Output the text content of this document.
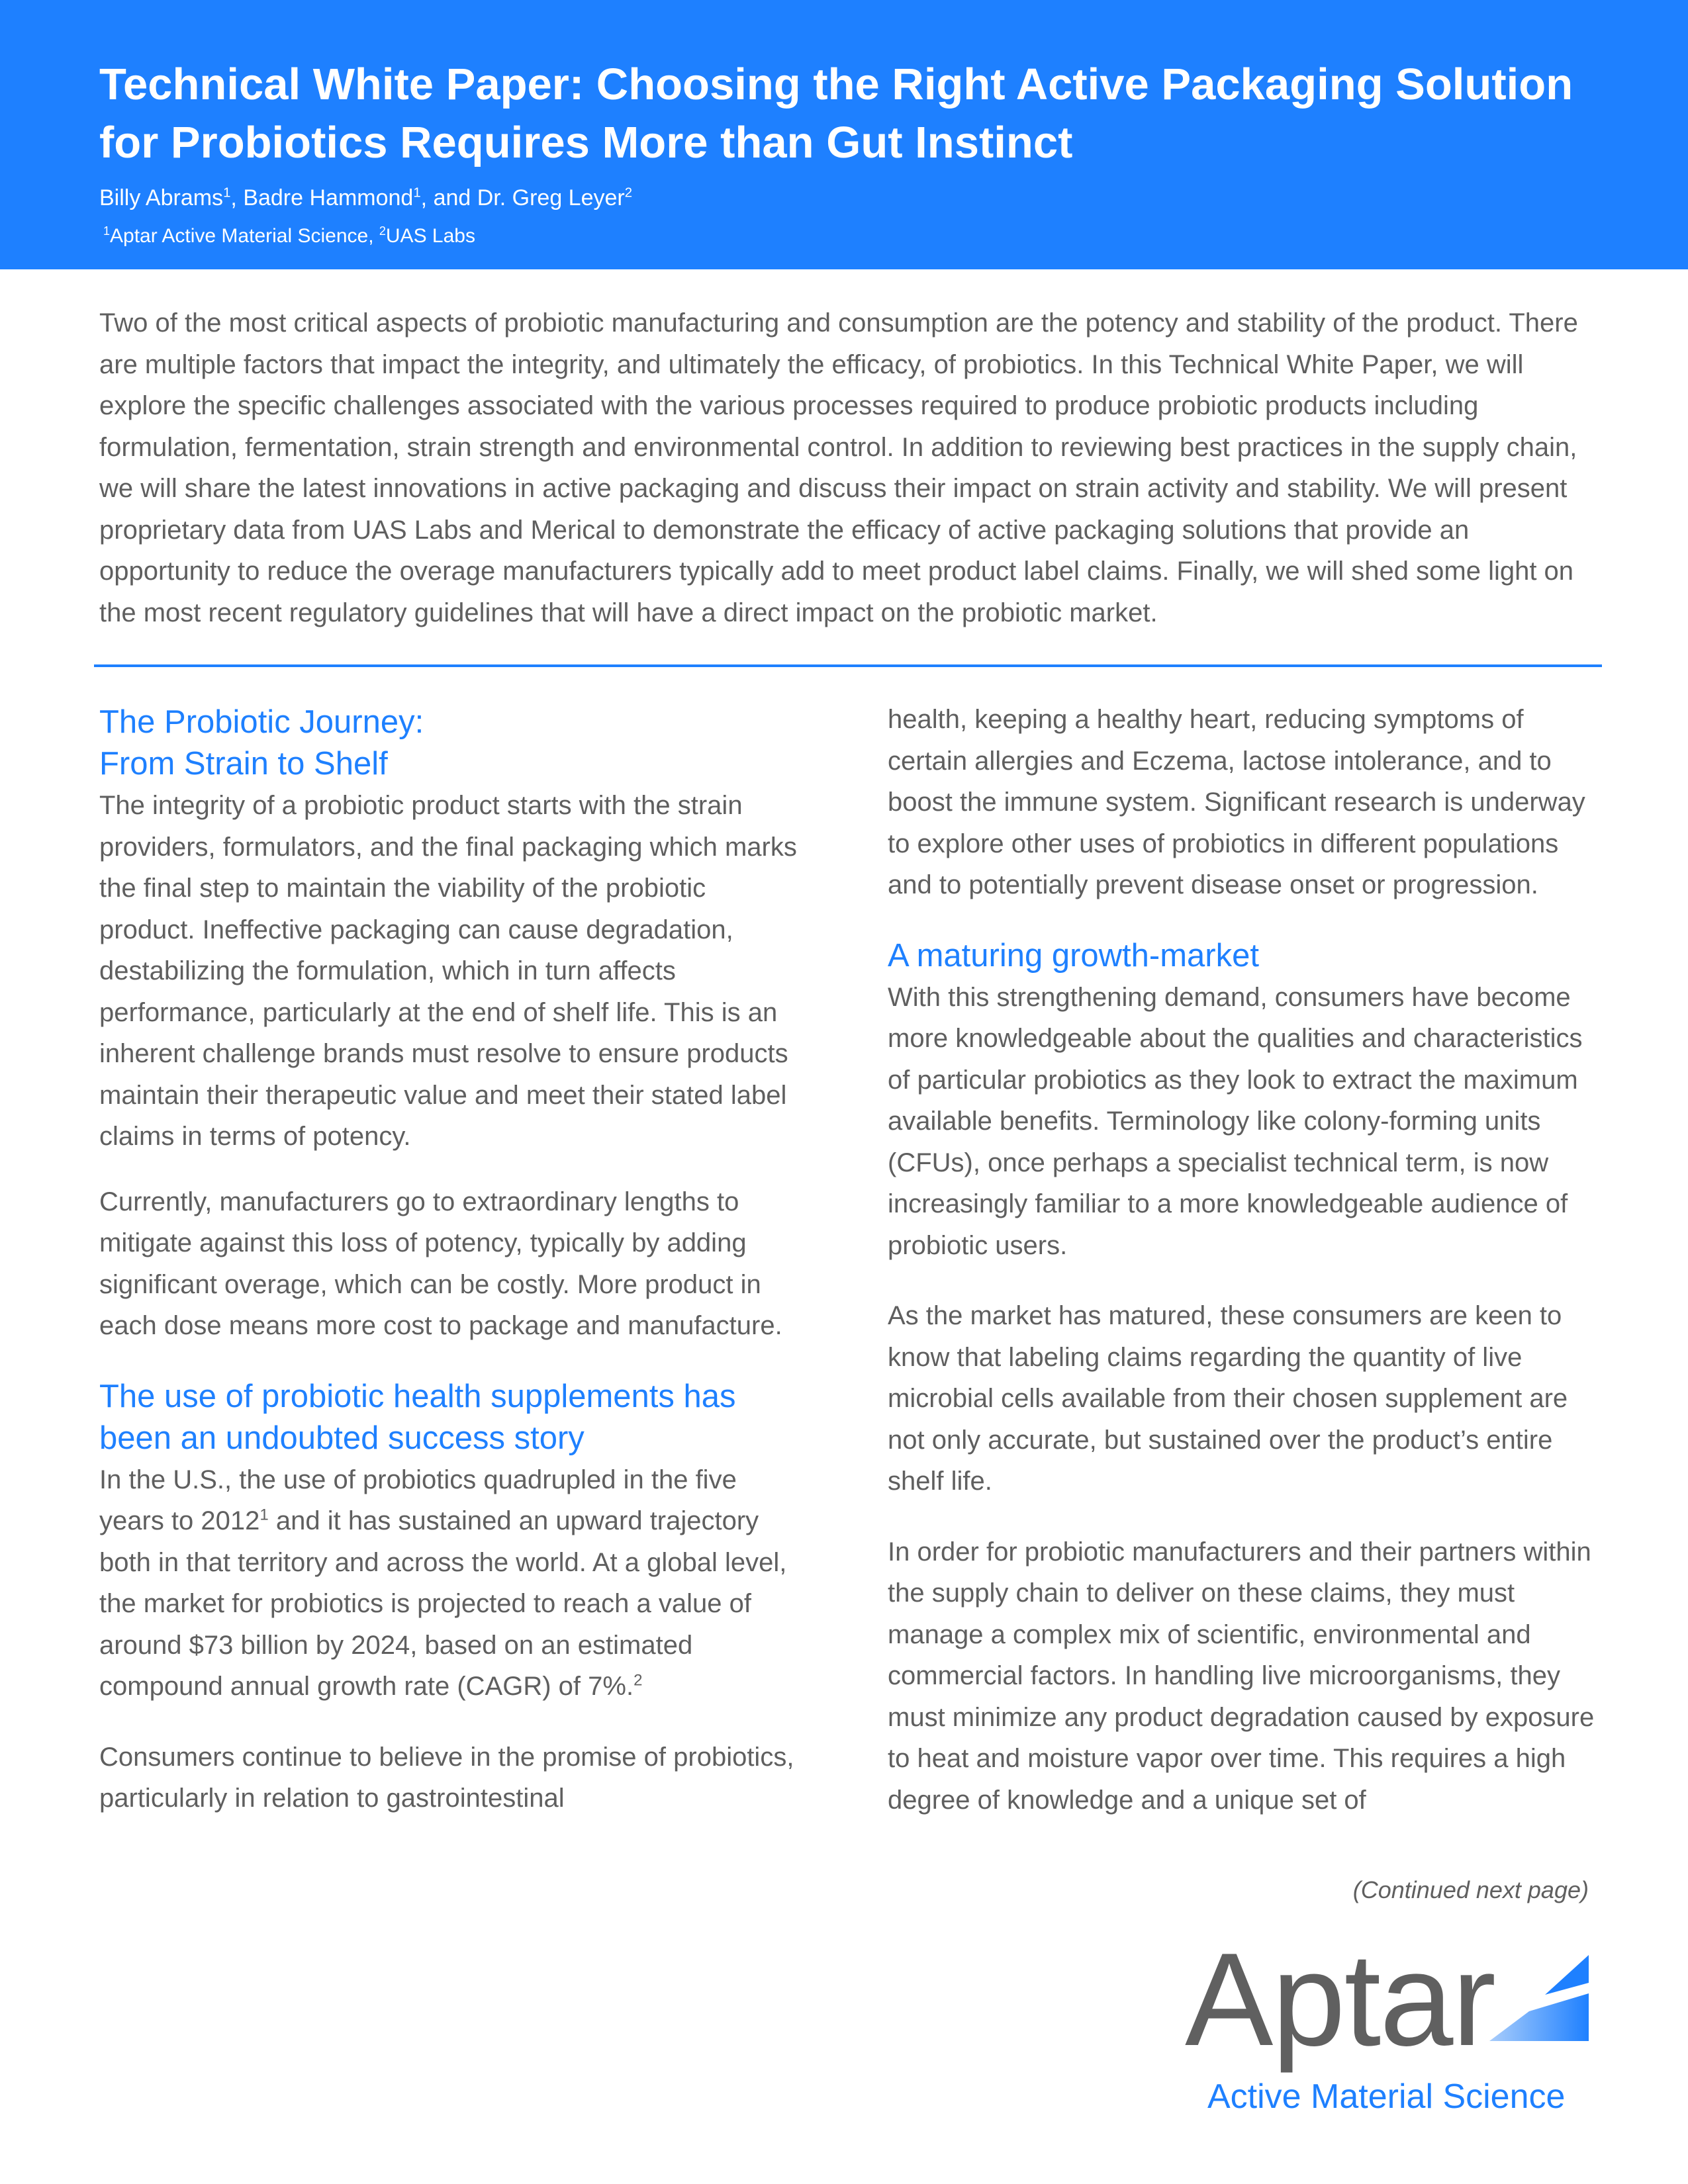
Technical White Paper: Choosing the Right Active Packaging Solution for Probiotics Requires More than Gut Instinct
Billy Abrams$^1$, Badre Hammond$^1$, and Dr. Greg Leyer$^2$
$^1$Aptar Active Material Science, $^2$UAS Labs

Two of the most critical aspects of probiotic manufacturing and consumption are the potency and stability of the product. There are multiple factors that impact the integrity, and ultimately the efficacy, of probiotics. In this Technical White Paper, we will explore the specific challenges associated with the various processes required to produce probiotic products including formulation, fermentation, strain strength and environmental control. In addition to reviewing best practices in the supply chain, we will share the latest innovations in active packaging and discuss their impact on strain activity and stability. We will present proprietary data from UAS Labs and Merical to demonstrate the efficacy of active packaging solutions that provide an opportunity to reduce the overage manufacturers typically add to meet product label claims. Finally, we will shed some light on the most recent regulatory guidelines that will have a direct impact on the probiotic market.

The Probiotic Journey:
From Strain to Shelf

The integrity of a probiotic product starts with the strain providers, formulators, and the final packaging which marks the final step to maintain the viability of the probiotic product. Ineffective packaging can cause degradation, destabilizing the formulation, which in turn affects performance, particularly at the end of shelf life. This is an inherent challenge brands must resolve to ensure products maintain their therapeutic value and meet their stated label claims in terms of potency.

Currently, manufacturers go to extraordinary lengths to mitigate against this loss of potency, typically by adding significant overage, which can be costly. More product in each dose means more cost to package and manufacture.

The use of probiotic health supplements has been an undoubted success story

In the U.S., the use of probiotics quadrupled in the five years to 2012$^1$ and it has sustained an upward trajectory both in that territory and across the world. At a global level, the market for probiotics is projected to reach a value of around $73 billion by 2024, based on an estimated compound annual growth rate (CAGR) of 7%.$^2$

Consumers continue to believe in the promise of probiotics, particularly in relation to gastrointestinal

health, keeping a healthy heart, reducing symptoms of certain allergies and Eczema, lactose intolerance, and to boost the immune system. Significant research is underway to explore other uses of probiotics in different populations and to potentially prevent disease onset or progression.

A maturing growth-market

With this strengthening demand, consumers have become more knowledgeable about the qualities and characteristics of particular probiotics as they look to extract the maximum available benefits. Terminology like colony-forming units (CFUs), once perhaps a specialist technical term, is now increasingly familiar to a more knowledgeable audience of probiotic users.

As the market has matured, these consumers are keen to know that labeling claims regarding the quantity of live microbial cells available from their chosen supplement are not only accurate, but sustained over the product’s entire shelf life.

In order for probiotic manufacturers and their partners within the supply chain to deliver on these claims, they must manage a complex mix of scientific, environmental and commercial factors. In handling live microorganisms, they must minimize any product degradation caused by exposure to heat and moisture vapor over time. This requires a high degree of knowledge and a unique set of

(Continued next page)
Aptar
Active Material Science
